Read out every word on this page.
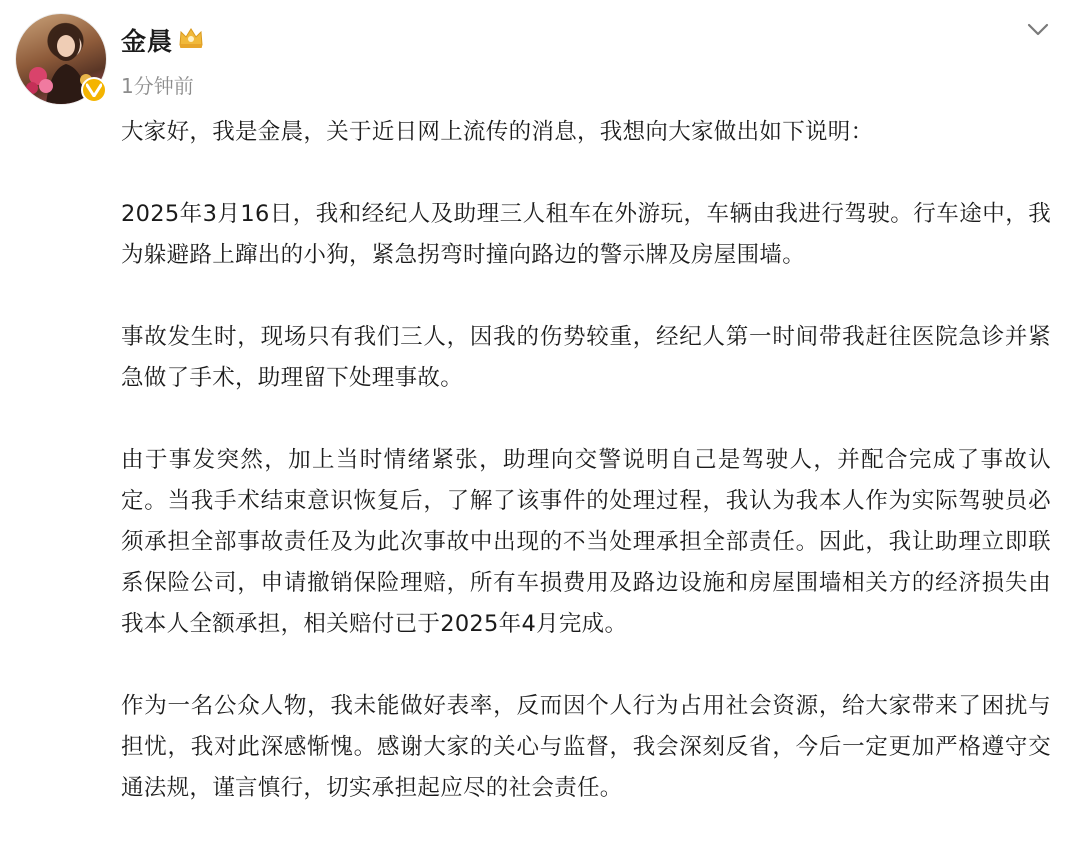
金晨
1分钟前

大家好，我是金晨，关于近日网上流传的消息，我想向大家做出如下说明：

2025年3月16日，我和经纪人及助理三人租车在外游玩，车辆由我进行驾驶。行车途中，我为躲避路上蹿出的小狗，紧急拐弯时撞向路边的警示牌及房屋围墙。

事故发生时，现场只有我们三人，因我的伤势较重，经纪人第一时间带我赶往医院急诊并紧急做了手术，助理留下处理事故。

由于事发突然，加上当时情绪紧张，助理向交警说明自己是驾驶人，并配合完成了事故认定。当我手术结束意识恢复后，了解了该事件的处理过程，我认为我本人作为实际驾驶员必须承担全部事故责任及为此次事故中出现的不当处理承担全部责任。因此，我让助理立即联系保险公司，申请撤销保险理赔，所有车损费用及路边设施和房屋围墙相关方的经济损失由我本人全额承担，相关赔付已于2025年4月完成。

作为一名公众人物，我未能做好表率，反而因个人行为占用社会资源，给大家带来了困扰与担忧，我对此深感惭愧。感谢大家的关心与监督，我会深刻反省，今后一定更加严格遵守交通法规，谨言慎行，切实承担起应尽的社会责任。
